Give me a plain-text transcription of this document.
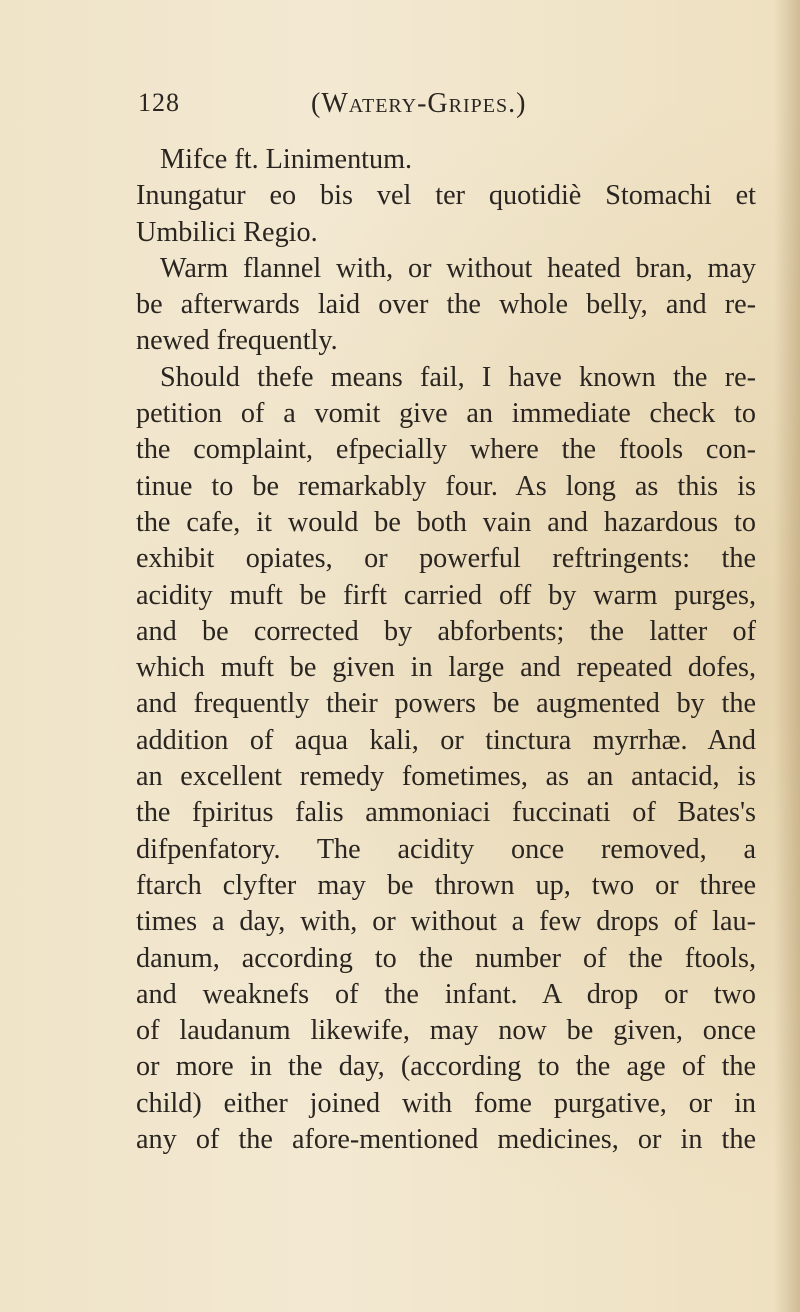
128	(Watery-Gripes.)
Mifce ft. Linimentum.
Inungatur eo bis vel ter quotidiè Stomachi et
Umbilici Regio.
Warm flannel with, or without heated bran, may
be afterwards laid over the whole belly, and re-
newed frequently.
Should thefe means fail, I have known the re-
petition of a vomit give an immediate check to
the complaint, efpecially where the ftools con-
tinue to be remarkably four. As long as this is
the cafe, it would be both vain and hazardous to
exhibit opiates, or powerful reftringents: the
acidity muft be firft carried off by warm purges,
and be corrected by abforbents; the latter of
which muft be given in large and repeated dofes,
and frequently their powers be augmented by the
addition of aqua kali, or tinctura myrrhæ. And
an excellent remedy fometimes, as an antacid, is
the fpiritus falis ammoniaci fuccinati of Bates's
difpenfatory. The acidity once removed, a
ftarch clyfter may be thrown up, two or three
times a day, with, or without a few drops of lau-
danum, according to the number of the ftools,
and weaknefs of the infant. A drop or two
of laudanum likewife, may now be given, once
or more in the day, (according to the age of the
child) either joined with fome purgative, or in
any of the afore-mentioned medicines, or in the
